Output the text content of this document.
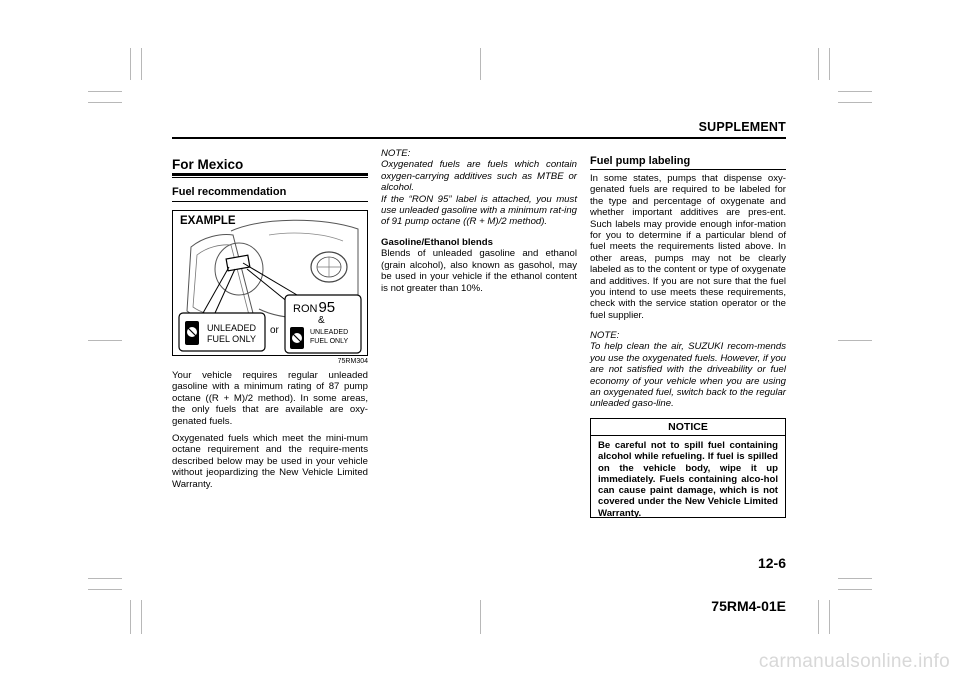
SUPPLEMENT
For Mexico
Fuel recommendation
EXAMPLE
UNLEADED
FUEL ONLY
or
RON95
&
UNLEADED
FUEL ONLY
75RM304

Your vehicle requires regular unleaded gasoline with a minimum rating of 87 pump octane ((R + M)/2 method). In some areas, the only fuels that are available are oxy-genated fuels.

Oxygenated fuels which meet the mini-mum octane requirement and the require-ments described below may be used in your vehicle without jeopardizing the New Vehicle Limited Warranty.

NOTE:

Oxygenated fuels are fuels which contain oxygen-carrying additives such as MTBE or alcohol.

If the “RON 95” label is attached, you must use unleaded gasoline with a minimum rat-ing of 91 pump octane ((R + M)/2 method).

Gasoline/Ethanol blends

Blends of unleaded gasoline and ethanol (grain alcohol), also known as gasohol, may be used in your vehicle if the ethanol content is not greater than 10%.

Fuel pump labeling

In some states, pumps that dispense oxy-genated fuels are required to be labeled for the type and percentage of oxygenate and whether important additives are pres-ent. Such labels may provide enough infor-mation for you to determine if a particular blend of fuel meets the requirements listed above. In other areas, pumps may not be clearly labeled as to the content or type of oxygenate and additives. If you are not sure that the fuel you intend to use meets these requirements, check with the service station operator or the fuel supplier.

NOTE:

To help clean the air, SUZUKI recom-mends you use the oxygenated fuels. However, if you are not satisfied with the driveability or fuel economy of your vehicle when you are using an oxygenated fuel, switch back to the regular unleaded gaso-line.

NOTICE
Be careful not to spill fuel containing alcohol while refueling. If fuel is spilled on the vehicle body, wipe it up immediately. Fuels containing alco-hol can cause paint damage, which is not covered under the New Vehicle Limited Warranty.
12-6
75RM4-01E
carmanualsonline.info
